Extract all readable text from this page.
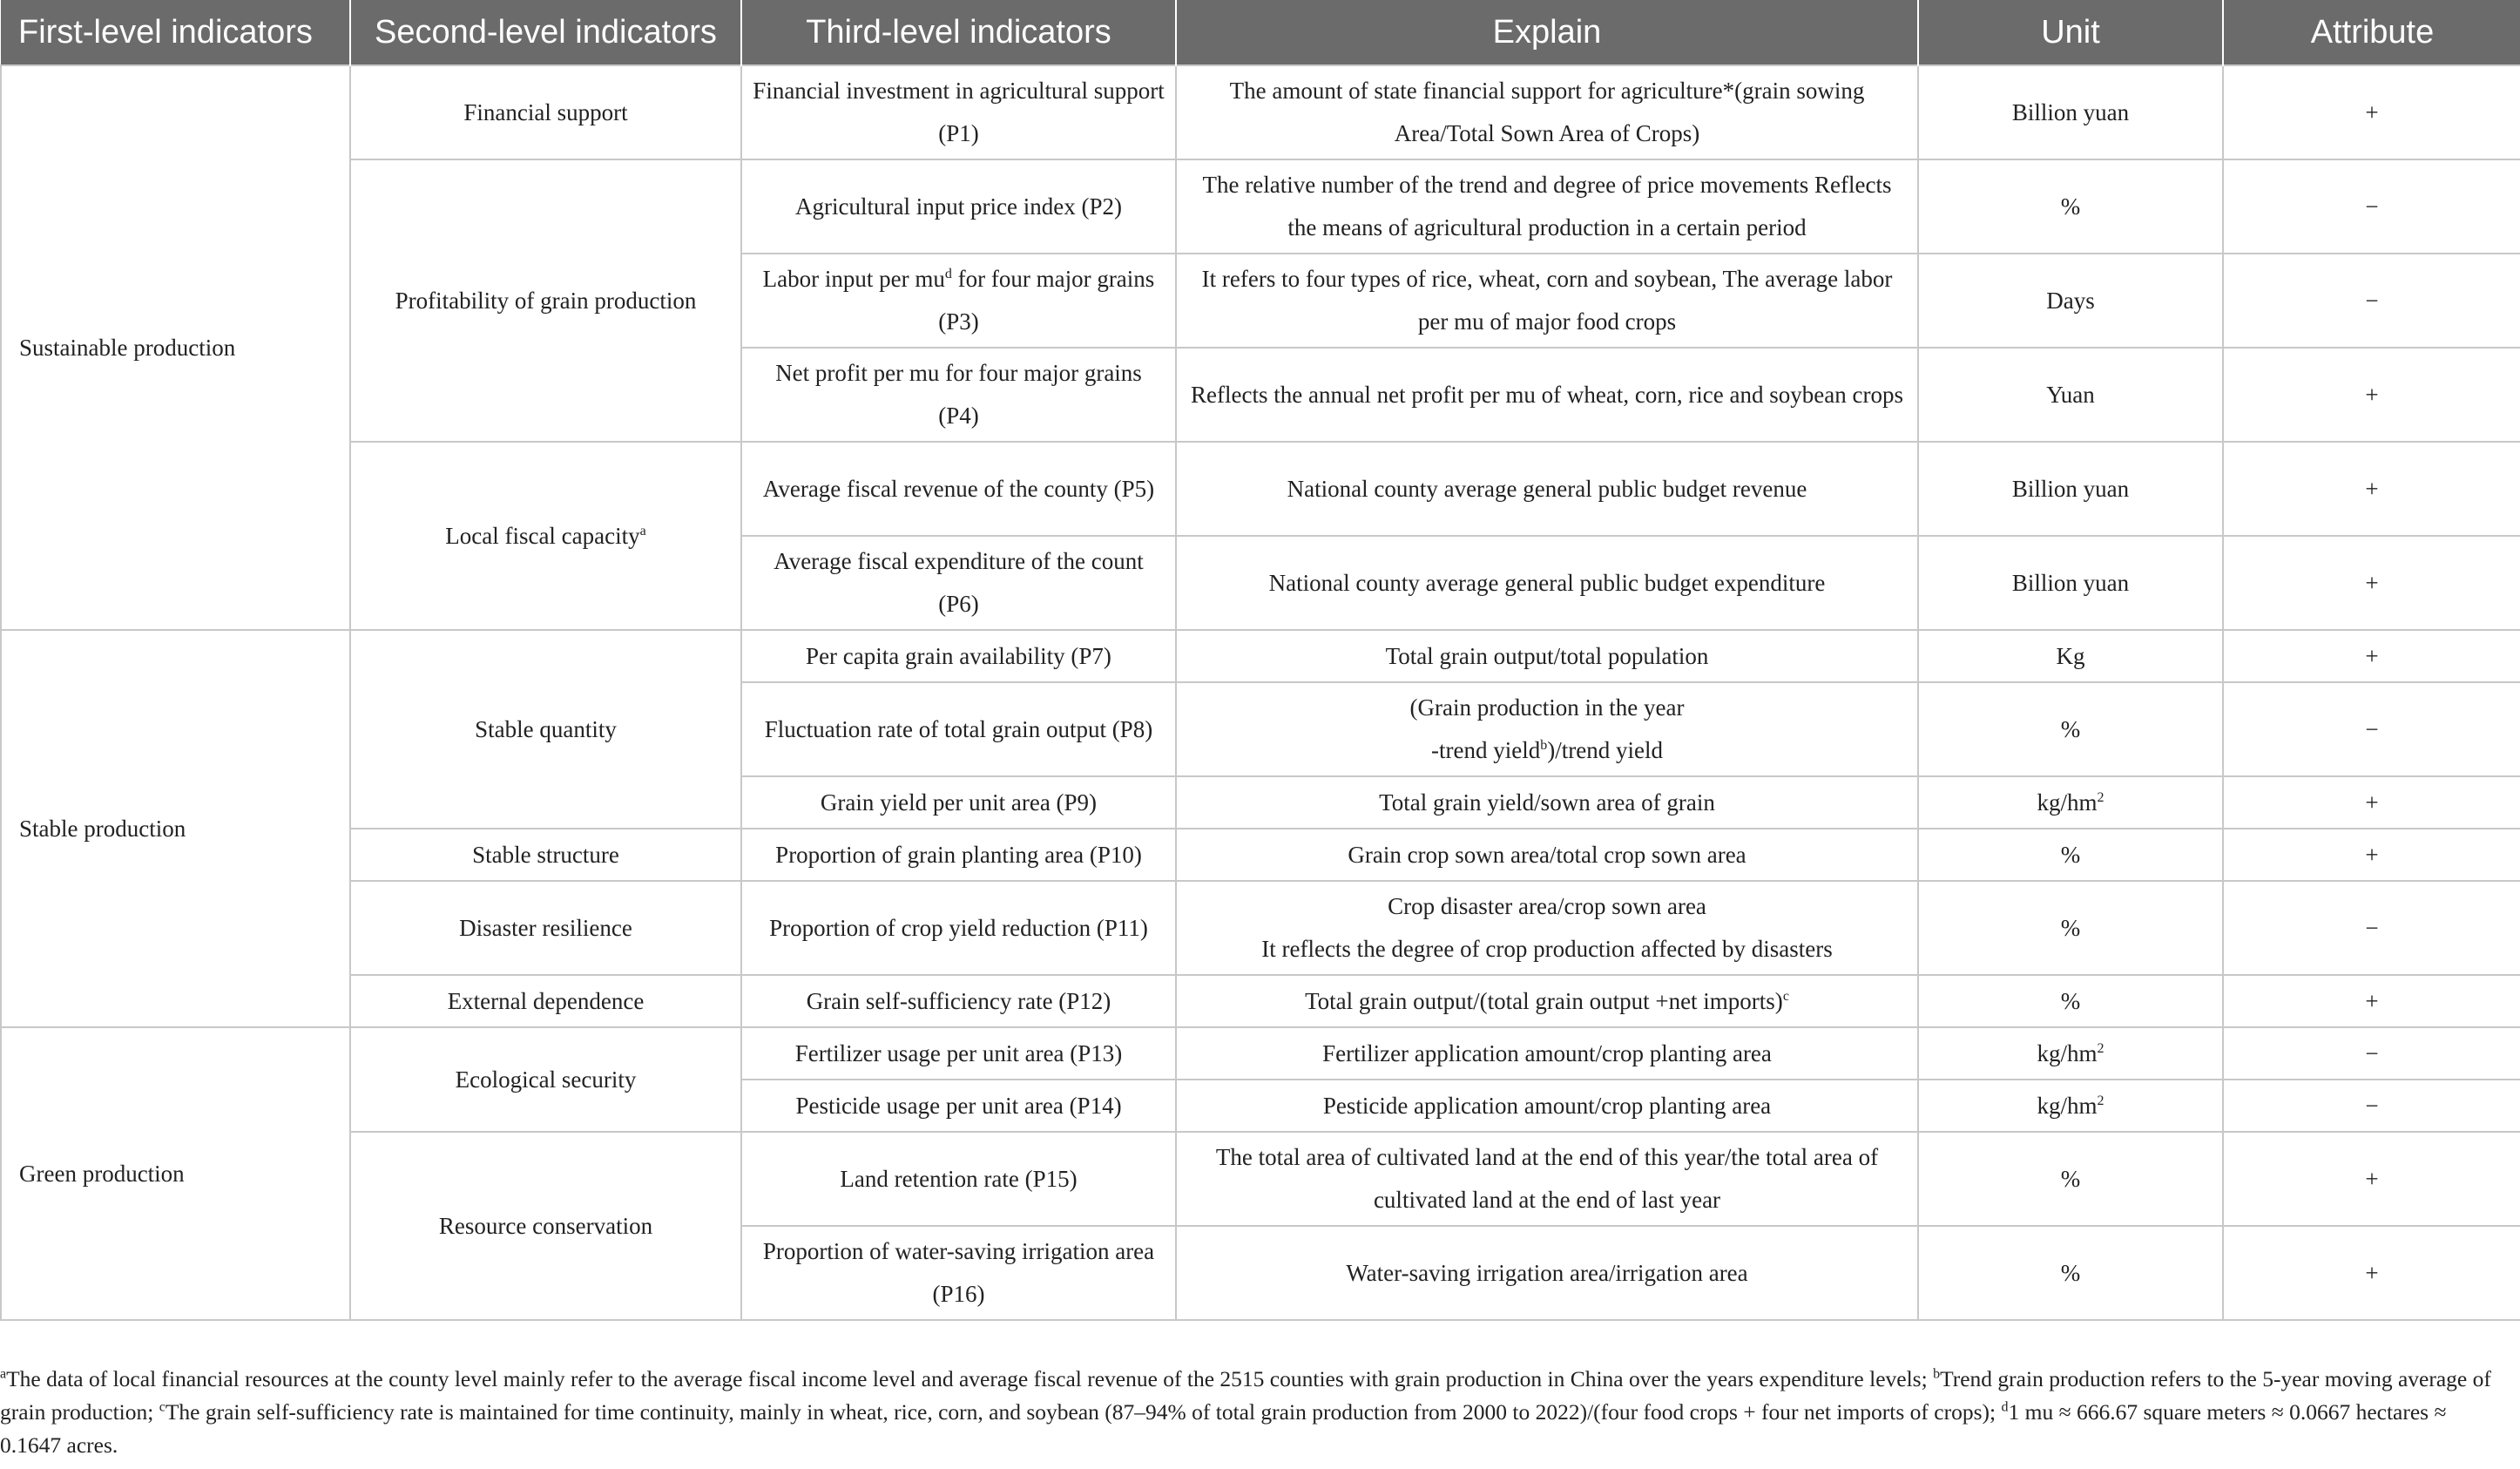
First-level indicators	Second-level indicators	Third-level indicators	Explain	Unit	Attribute
Sustainable production	Financial support	Financial investment in agricultural support (P1)	The amount of state financial support for agriculture*(grain sowing Area/Total Sown Area of Crops)	Billion yuan	+
	Profitability of grain production	Agricultural input price index (P2)	The relative number of the trend and degree of price movements Reflects the means of agricultural production in a certain period	%	−
		Labor input per $mu^d$ for four major grains (P3)	It refers to four types of rice, wheat, corn and soybean, The average labor per mu of major food crops	Days	−
		Net profit per mu for four major grains (P4)	Reflects the annual net profit per mu of wheat, corn, rice and soybean crops	Yuan	+
	Local fiscal capacity$^a$	Average fiscal revenue of the county (P5)	National county average general public budget revenue	Billion yuan	+
		Average fiscal expenditure of the count (P6)	National county average general public budget expenditure	Billion yuan	+
Stable production	Stable quantity	Per capita grain availability (P7)	Total grain output/total population	Kg	+
		Fluctuation rate of total grain output (P8)	(Grain production in the year
-trend yield$^b$)/trend yield	%	−
		Grain yield per unit area (P9)	Total grain yield/sown area of grain	$kg/hm^2$	+
	Stable structure	Proportion of grain planting area (P10)	Grain crop sown area/total crop sown area	%	+
	Disaster resilience	Proportion of crop yield reduction (P11)	Crop disaster area/crop sown area
It reflects the degree of crop production affected by disasters	%	−
	External dependence	Grain self-sufficiency rate (P12)	Total grain output/(total grain output +net imports)$^c$	%	+
Green production	Ecological security	Fertilizer usage per unit area (P13)	Fertilizer application amount/crop planting area	$kg/hm^2$	−
		Pesticide usage per unit area (P14)	Pesticide application amount/crop planting area	$kg/hm^2$	−
	Resource conservation	Land retention rate (P15)	The total area of cultivated land at the end of this year/the total area of cultivated land at the end of last year	%	+
		Proportion of water-saving irrigation area (P16)	Water-saving irrigation area/irrigation area	%	+
$^a$The data of local financial resources at the county level mainly refer to the average fiscal income level and average fiscal revenue of the 2515 counties with grain production in China over the years expenditure levels; $^b$Trend grain production refers to the 5-year moving average of grain production; $^c$The grain self-sufficiency rate is maintained for time continuity, mainly in wheat, rice, corn, and soybean (87–94% of total grain production from 2000 to 2022)/(four food crops + four net imports of crops); $^d$1 mu ≈ 666.67 square meters ≈ 0.0667 hectares ≈ 0.1647 acres.
